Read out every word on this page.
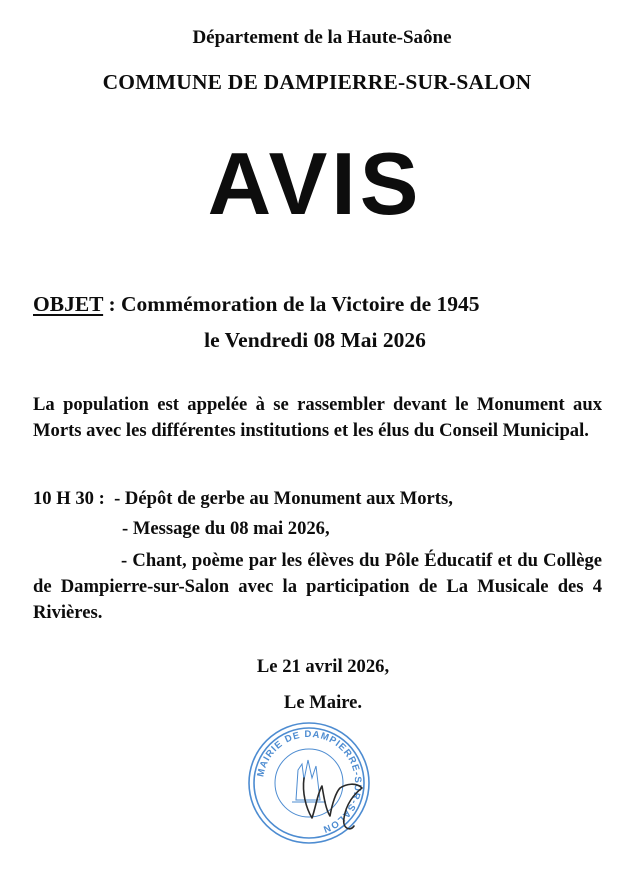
Département de la Haute-Saône

COMMUNE DE DAMPIERRE-SUR-SALON

AVIS

OBJET : Commémoration de la Victoire de 1945

le Vendredi 08 Mai 2026

La population est appelée à se rassembler devant le Monument aux Morts avec les différentes institutions et les élus du Conseil Municipal.

10 H 30 : - Dépôt de gerbe au Monument aux Morts,

- Message du 08 mai 2026,

- Chant, poème par les élèves du Pôle Éducatif et du Collège de Dampierre-sur-Salon avec la participation de La Musicale des 4 Rivières.

Le 21 avril 2026,

Le Maire.

MAIRIE DE DAMPIERRE-SUR-SALON
